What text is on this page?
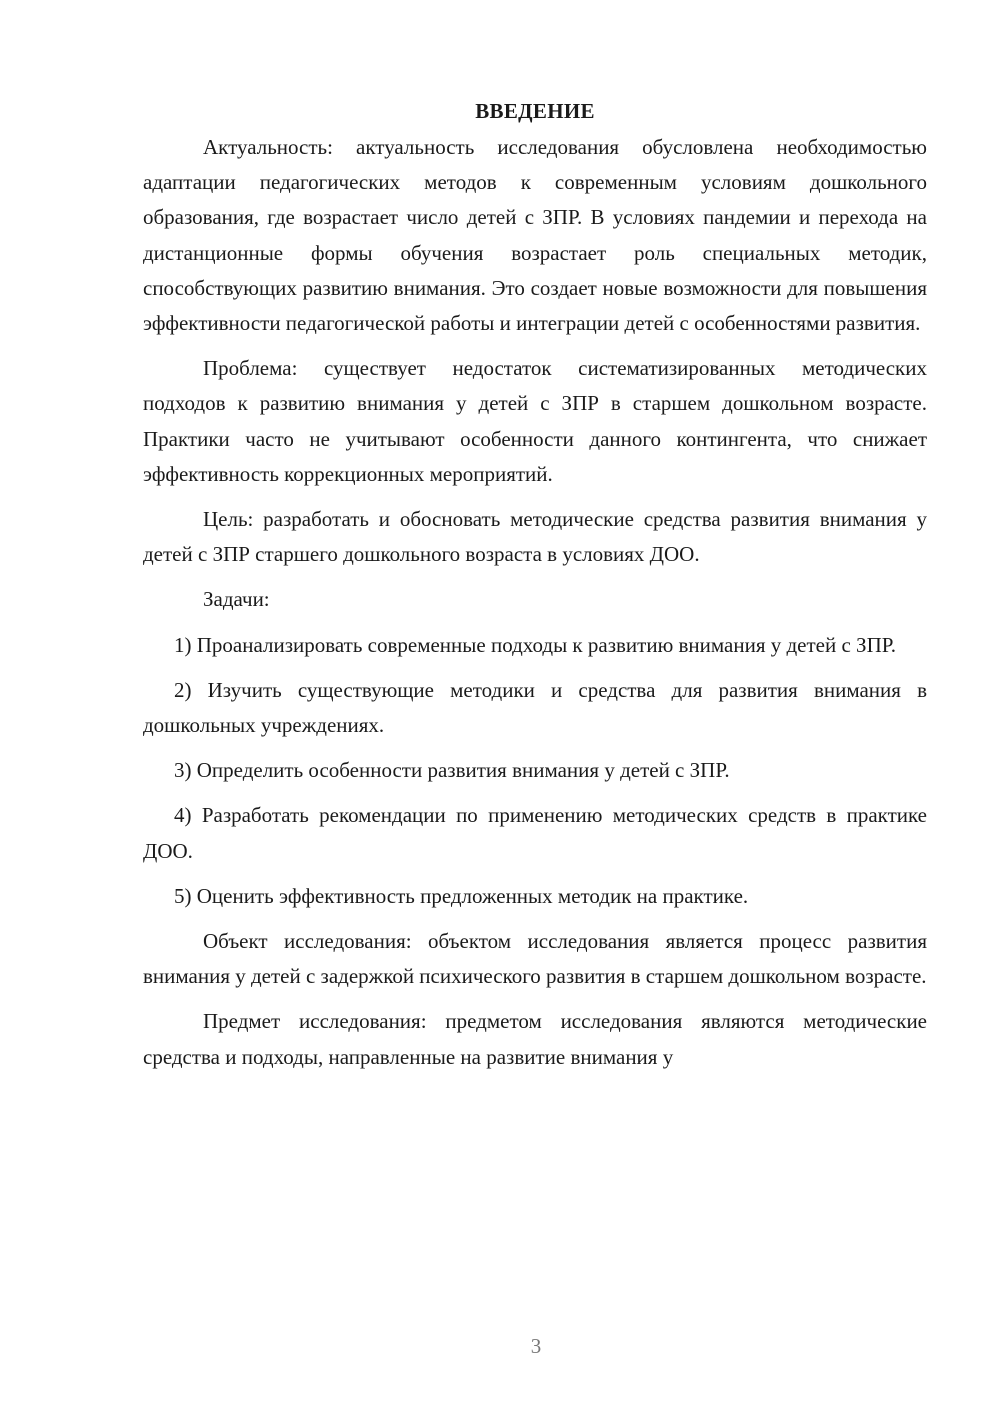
ВВЕДЕНИЕ

Актуальность: актуальность исследования обусловлена необходимостью адаптации педагогических методов к современным условиям дошкольного образования, где возрастает число детей с ЗПР. В условиях пандемии и перехода на дистанционные формы обучения возрастает роль специальных методик, способствующих развитию внимания. Это создает новые возможности для повышения эффективности педагогической работы и интеграции детей с особенностями развития.

Проблема: существует недостаток систематизированных методических подходов к развитию внимания у детей с ЗПР в старшем дошкольном возрасте. Практики часто не учитывают особенности данного контингента, что снижает эффективность коррекционных мероприятий.

Цель: разработать и обосновать методические средства развития внимания у детей с ЗПР старшего дошкольного возраста в условиях ДОО.

Задачи:

1) Проанализировать современные подходы к развитию внимания у детей с ЗПР.

2) Изучить существующие методики и средства для развития внимания в дошкольных учреждениях.

3) Определить особенности развития внимания у детей с ЗПР.

4) Разработать рекомендации по применению методических средств в практике ДОО.

5) Оценить эффективность предложенных методик на практике.

Объект исследования: объектом исследования является процесс развития внимания у детей с задержкой психического развития в старшем дошкольном возрасте.

Предмет исследования: предметом исследования являются методические средства и подходы, направленные на развитие внимания у

3
